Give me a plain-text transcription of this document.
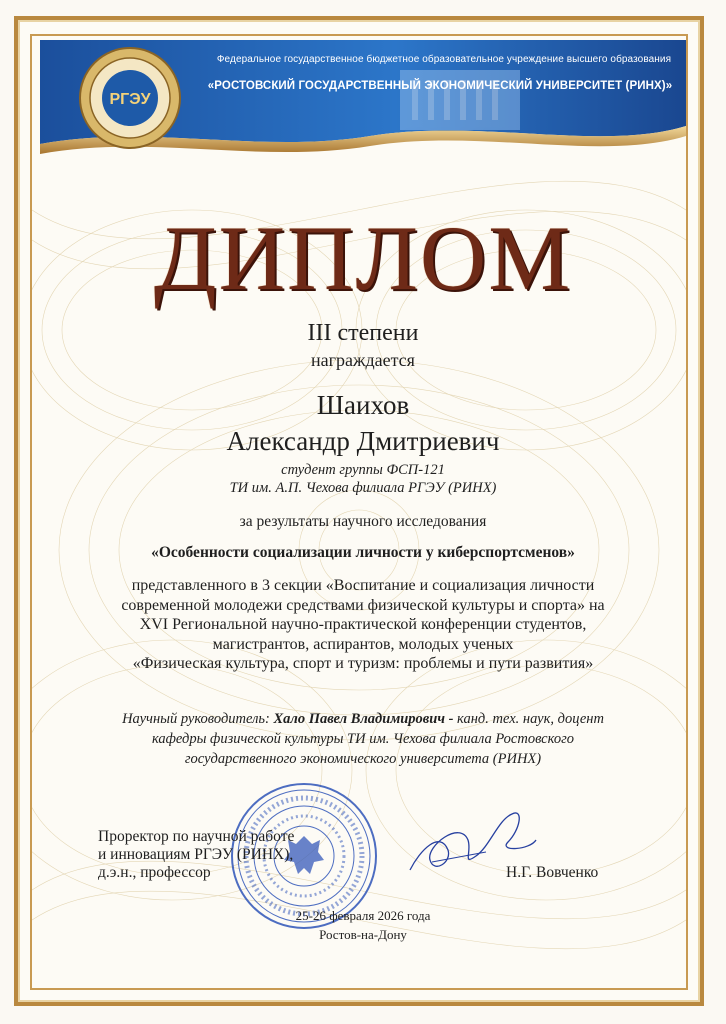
РГЭУ
Федеральное государственное бюджетное образовательное учреждение высшего образования
«РОСТОВСКИЙ ГОСУДАРСТВЕННЫЙ ЭКОНОМИЧЕСКИЙ УНИВЕРСИТЕТ (РИНХ)»
ДИПЛОМ
III степени
награждается
Шаихов
Александр Дмитриевич
студент группы ФСП-121
ТИ им. А.П. Чехова филиала РГЭУ (РИНХ)
за результаты научного исследования
«Особенности социализации личности у киберспортсменов»
представленного в 3 секции «Воспитание и социализация личности
современной молодежи средствами физической культуры и спорта» на
XVI Региональной научно-практической конференции студентов,
магистрантов, аспирантов, молодых ученых
«Физическая культура, спорт и туризм: проблемы и пути развития»
Научный руководитель: Хало Павел Владимирович - канд. тех. наук, доцент
кафедры физической культуры ТИ им. Чехова филиала Ростовского
государственного экономического университета (РИНХ)
Проректор по научной работе
и инновациям РГЭУ (РИНХ),
д.э.н., профессор	Н.Г. Вовченко
25-26 февраля 2026 года
Ростов-на-Дону
